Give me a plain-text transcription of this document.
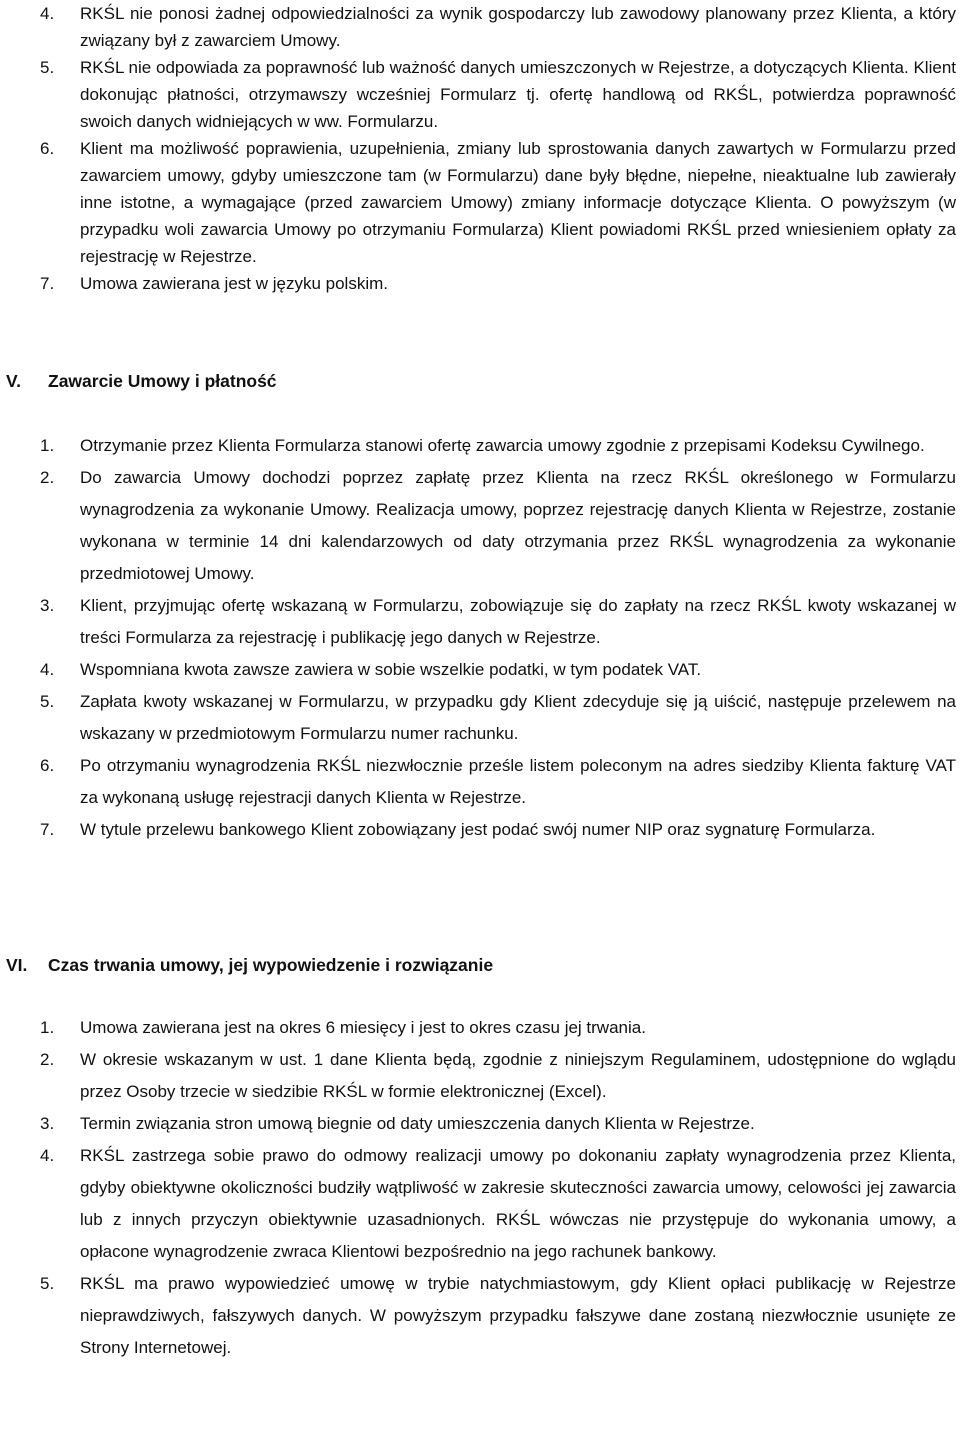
4. RKŚL nie ponosi żadnej odpowiedzialności za wynik gospodarczy lub zawodowy planowany przez Klienta, a który związany był z zawarciem Umowy.
5. RKŚL nie odpowiada za poprawność lub ważność danych umieszczonych w Rejestrze, a dotyczących Klienta. Klient dokonując płatności, otrzymawszy wcześniej Formularz tj. ofertę handlową od RKŚL, potwierdza poprawność swoich danych widniejących w ww. Formularzu.
6. Klient ma możliwość poprawienia, uzupełnienia, zmiany lub sprostowania danych zawartych w Formularzu przed zawarciem umowy, gdyby umieszczone tam (w Formularzu) dane były błędne, niepełne, nieaktualne lub zawierały inne istotne, a wymagające (przed zawarciem Umowy) zmiany informacje dotyczące Klienta. O powyższym (w przypadku woli zawarcia Umowy po otrzymaniu Formularza) Klient powiadomi RKŚL przed wniesieniem opłaty za rejestrację w Rejestrze.
7. Umowa zawierana jest w języku polskim.
V. Zawarcie Umowy i płatność
1. Otrzymanie przez Klienta Formularza stanowi ofertę zawarcia umowy zgodnie z przepisami Kodeksu Cywilnego.
2. Do zawarcia Umowy dochodzi poprzez zapłatę przez Klienta na rzecz RKŚL określonego w Formularzu wynagrodzenia za wykonanie Umowy. Realizacja umowy, poprzez rejestrację danych Klienta w Rejestrze, zostanie wykonana w terminie 14 dni kalendarzowych od daty otrzymania przez RKŚL wynagrodzenia za wykonanie przedmiotowej Umowy.
3. Klient, przyjmując ofertę wskazaną w Formularzu, zobowiązuje się do zapłaty na rzecz RKŚL kwoty wskazanej w treści Formularza za rejestrację i publikację jego danych w Rejestrze.
4. Wspomniana kwota zawsze zawiera w sobie wszelkie podatki, w tym podatek VAT.
5. Zapłata kwoty wskazanej w Formularzu, w przypadku gdy Klient zdecyduje się ją uiścić, następuje przelewem na wskazany w przedmiotowym Formularzu numer rachunku.
6. Po otrzymaniu wynagrodzenia RKŚL niezwłocznie prześle listem poleconym na adres siedziby Klienta fakturę VAT za wykonaną usługę rejestracji danych Klienta w Rejestrze.
7. W tytule przelewu bankowego Klient zobowiązany jest podać swój numer NIP oraz sygnaturę Formularza.
VI. Czas trwania umowy, jej wypowiedzenie i rozwiązanie
1. Umowa zawierana jest na okres 6 miesięcy i jest to okres czasu jej trwania.
2. W okresie wskazanym w ust. 1 dane Klienta będą, zgodnie z niniejszym Regulaminem, udostępnione do wglądu przez Osoby trzecie w siedzibie RKŚL w formie elektronicznej (Excel).
3. Termin związania stron umową biegnie od daty umieszczenia danych Klienta w Rejestrze.
4. RKŚL zastrzega sobie prawo do odmowy realizacji umowy po dokonaniu zapłaty wynagrodzenia przez Klienta, gdyby obiektywne okoliczności budziły wątpliwość w zakresie skuteczności zawarcia umowy, celowości jej zawarcia lub z innych przyczyn obiektywnie uzasadnionych. RKŚL wówczas nie przystępuje do wykonania umowy, a opłacone wynagrodzenie zwraca Klientowi bezpośrednio na jego rachunek bankowy.
5. RKŚL ma prawo wypowiedzieć umowę w trybie natychmiastowym, gdy Klient opłaci publikację w Rejestrze nieprawdziwych, fałszywych danych. W powyższym przypadku fałszywe dane zostaną niezwłocznie usunięte ze Strony Internetowej.
